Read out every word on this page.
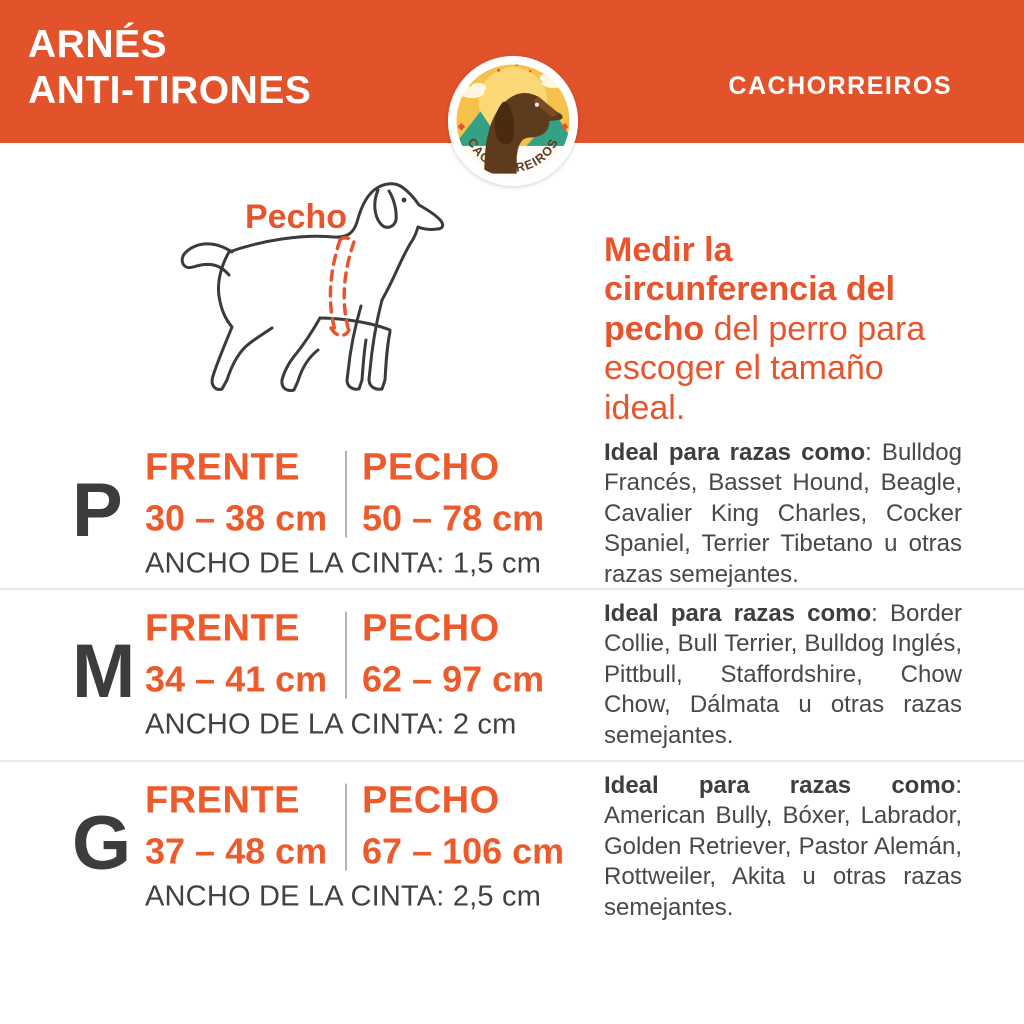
ARNÉS
ANTI-TIRONES	CACHORREIROS
CACHORREIROS
Pecho

Medir la circunferencia del pecho del perro para escoger el tamaño ideal.

P
FRENTE
30 – 38 cm
PECHO
50 – 78 cm
ANCHO DE LA CINTA: 1,5 cm

Ideal para razas como: Bulldog Francés, Basset Hound, Beagle, Cavalier King Charles, Cocker Spaniel, Terrier Tibetano u otras razas semejantes.

M
FRENTE
34 – 41 cm
PECHO
62 – 97 cm
ANCHO DE LA CINTA: 2 cm

Ideal para razas como: Border Collie, Bull Terrier, Bulldog Inglés, Pittbull, Staffordshire, Chow Chow, Dálmata u otras razas semejantes.

G
FRENTE
37 – 48 cm
PECHO
67 – 106 cm
ANCHO DE LA CINTA: 2,5 cm

Ideal para razas como: American Bully, Bóxer, Labrador, Golden Retriever, Pastor Alemán, Rottweiler, Akita u otras razas semejantes.
